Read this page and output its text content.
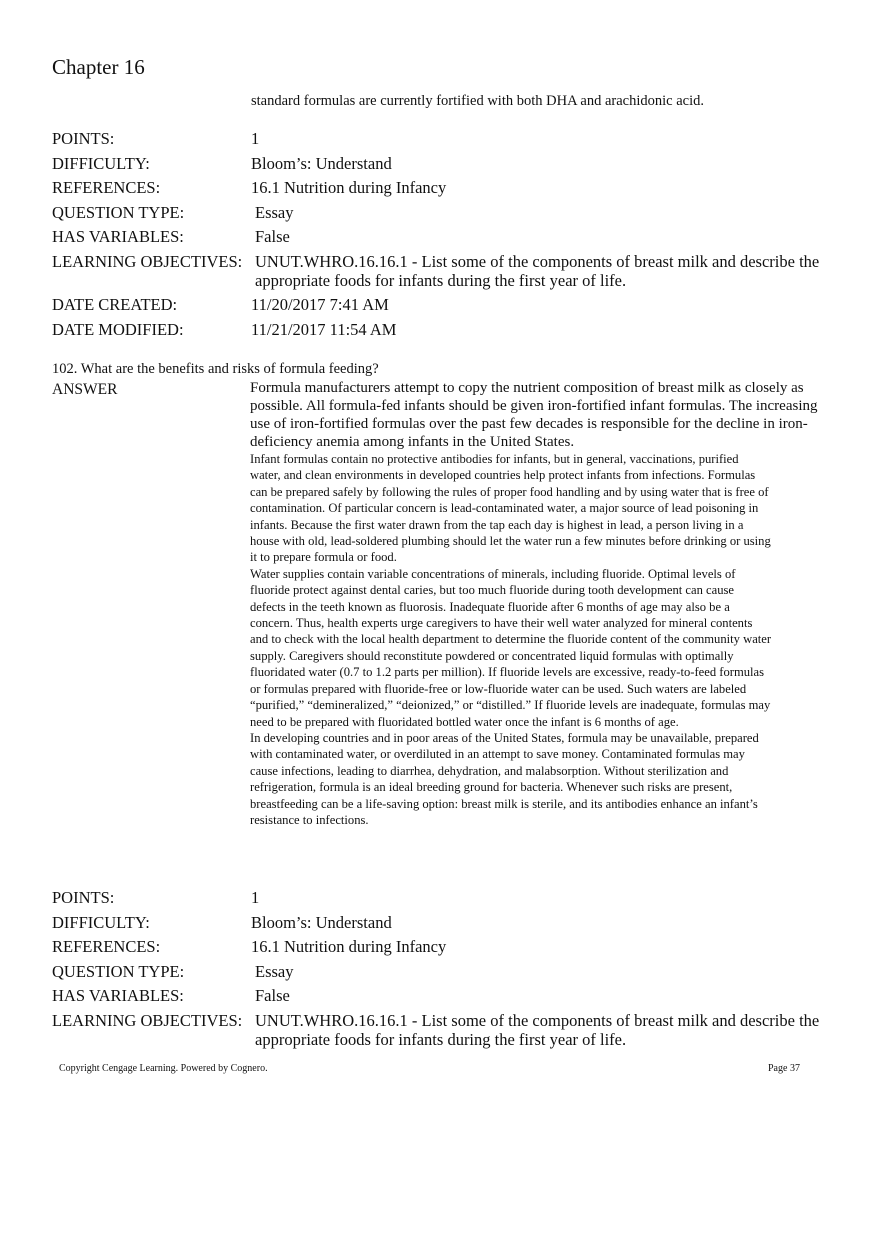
Chapter 16
standard formulas are currently fortified with both DHA and arachidonic acid.
POINTS:	1
DIFFICULTY:	Bloom’s: Understand
REFERENCES:	16.1 Nutrition during Infancy
QUESTION TYPE:	Essay
HAS VARIABLES:	False
LEARNING OBJECTIVES: UNUT.WHRO.16.16.1 - List some of the components of breast milk and describe the appropriate foods for infants during the first year of life.
DATE CREATED:	11/20/2017 7:41 AM
DATE MODIFIED:	11/21/2017 11:54 AM
102. What are the benefits and risks of formula feeding?
ANSWER	Formula manufacturers attempt to copy the nutrient composition of breast milk as closely as possible. All formula-fed infants should be given iron-fortified infant formulas. The increasing use of iron-fortified formulas over the past few decades is responsible for the decline in iron-deficiency anemia among infants in the United States.

Infant formulas contain no protective antibodies for infants, but in general, vaccinations, purified water, and clean environments in developed countries help protect infants from infections. Formulas can be prepared safely by following the rules of proper food handling and by using water that is free of contamination. Of particular concern is lead-contaminated water, a major source of lead poisoning in infants. Because the first water drawn from the tap each day is highest in lead, a person living in a house with old, lead-soldered plumbing should let the water run a few minutes before drinking or using it to prepare formula or food.

Water supplies contain variable concentrations of minerals, including fluoride. Optimal levels of fluoride protect against dental caries, but too much fluoride during tooth development can cause defects in the teeth known as fluorosis. Inadequate fluoride after 6 months of age may also be a concern. Thus, health experts urge caregivers to have their well water analyzed for mineral contents and to check with the local health department to determine the fluoride content of the community water supply. Caregivers should reconstitute powdered or concentrated liquid formulas with optimally fluoridated water (0.7 to 1.2 parts per million). If fluoride levels are excessive, ready-to-feed formulas or formulas prepared with fluoride-free or low-fluoride water can be used. Such waters are labeled “purified,” “demineralized,” “deionized,” or “distilled.” If fluoride levels are inadequate, formulas may need to be prepared with fluoridated bottled water once the infant is 6 months of age.

In developing countries and in poor areas of the United States, formula may be unavailable, prepared with contaminated water, or overdiluted in an attempt to save money. Contaminated formulas may cause infections, leading to diarrhea, dehydration, and malabsorption. Without sterilization and refrigeration, formula is an ideal breeding ground for bacteria. Whenever such risks are present, breastfeeding can be a life-saving option: breast milk is sterile, and its antibodies enhance an infant’s resistance to infections.

POINTS:	1
DIFFICULTY:	Bloom’s: Understand
REFERENCES:	16.1 Nutrition during Infancy
QUESTION TYPE:	Essay
HAS VARIABLES:	False
LEARNING OBJECTIVES: UNUT.WHRO.16.16.1 - List some of the components of breast milk and describe the appropriate foods for infants during the first year of life.
Copyright Cengage Learning. Powered by Cognero.	Page 37
